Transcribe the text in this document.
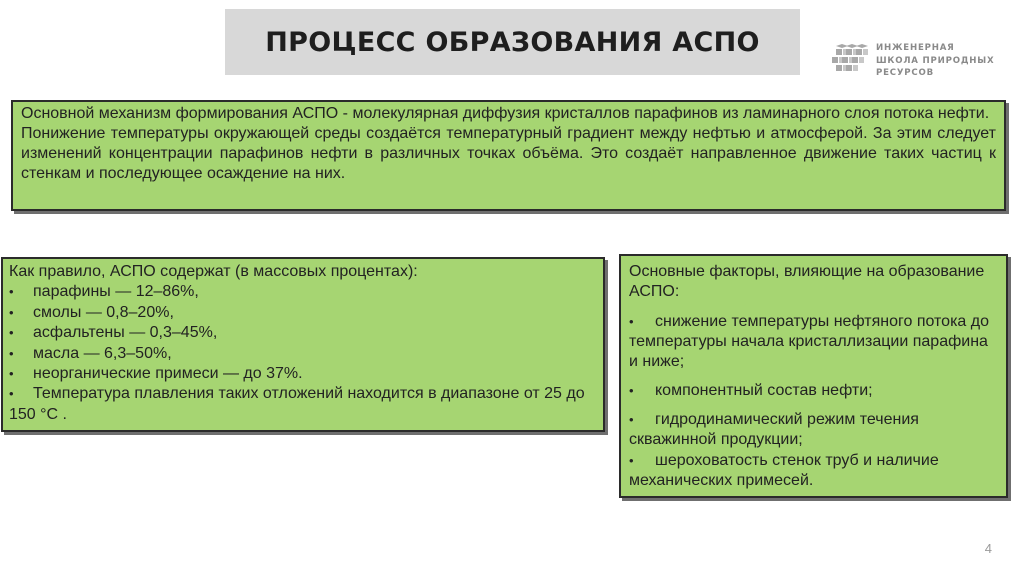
ПРОЦЕСС ОБРАЗОВАНИЯ АСПО	ИНЖЕНЕРНАЯ
ШКОЛА ПРИРОДНЫХ
РЕСУРСОВ

Основной механизм формирования АСПО - молекулярная диффузия кристаллов парафинов из ламинарного слоя потока нефти.

Понижение температуры окружающей среды создаётся температурный градиент между нефтью и атмосферой. За этим следует изменений концентрации парафинов нефти в различных точках объёма. Это создаёт направленное движение таких частиц к стенкам и последующее осаждение на них.

Как правило, АСПО содержат (в массовых процентах):
• парафины — 12–86%,
• смолы — 0,8–20%,
• асфальтены — 0,3–45%,
• масла — 6,3–50%,
• неорганические примеси — до 37%.
• Температура плавления таких отложений находится в диапазоне от 25 до 150 °С .
Основные факторы, влияющие на образование АСПО:
• снижение температуры нефтяного потока до температуры начала кристаллизации парафина и ниже;
• компонентный состав нефти;
• гидродинамический режим течения скважинной продукции;
• шероховатость стенок труб и наличие механических примесей.
4
